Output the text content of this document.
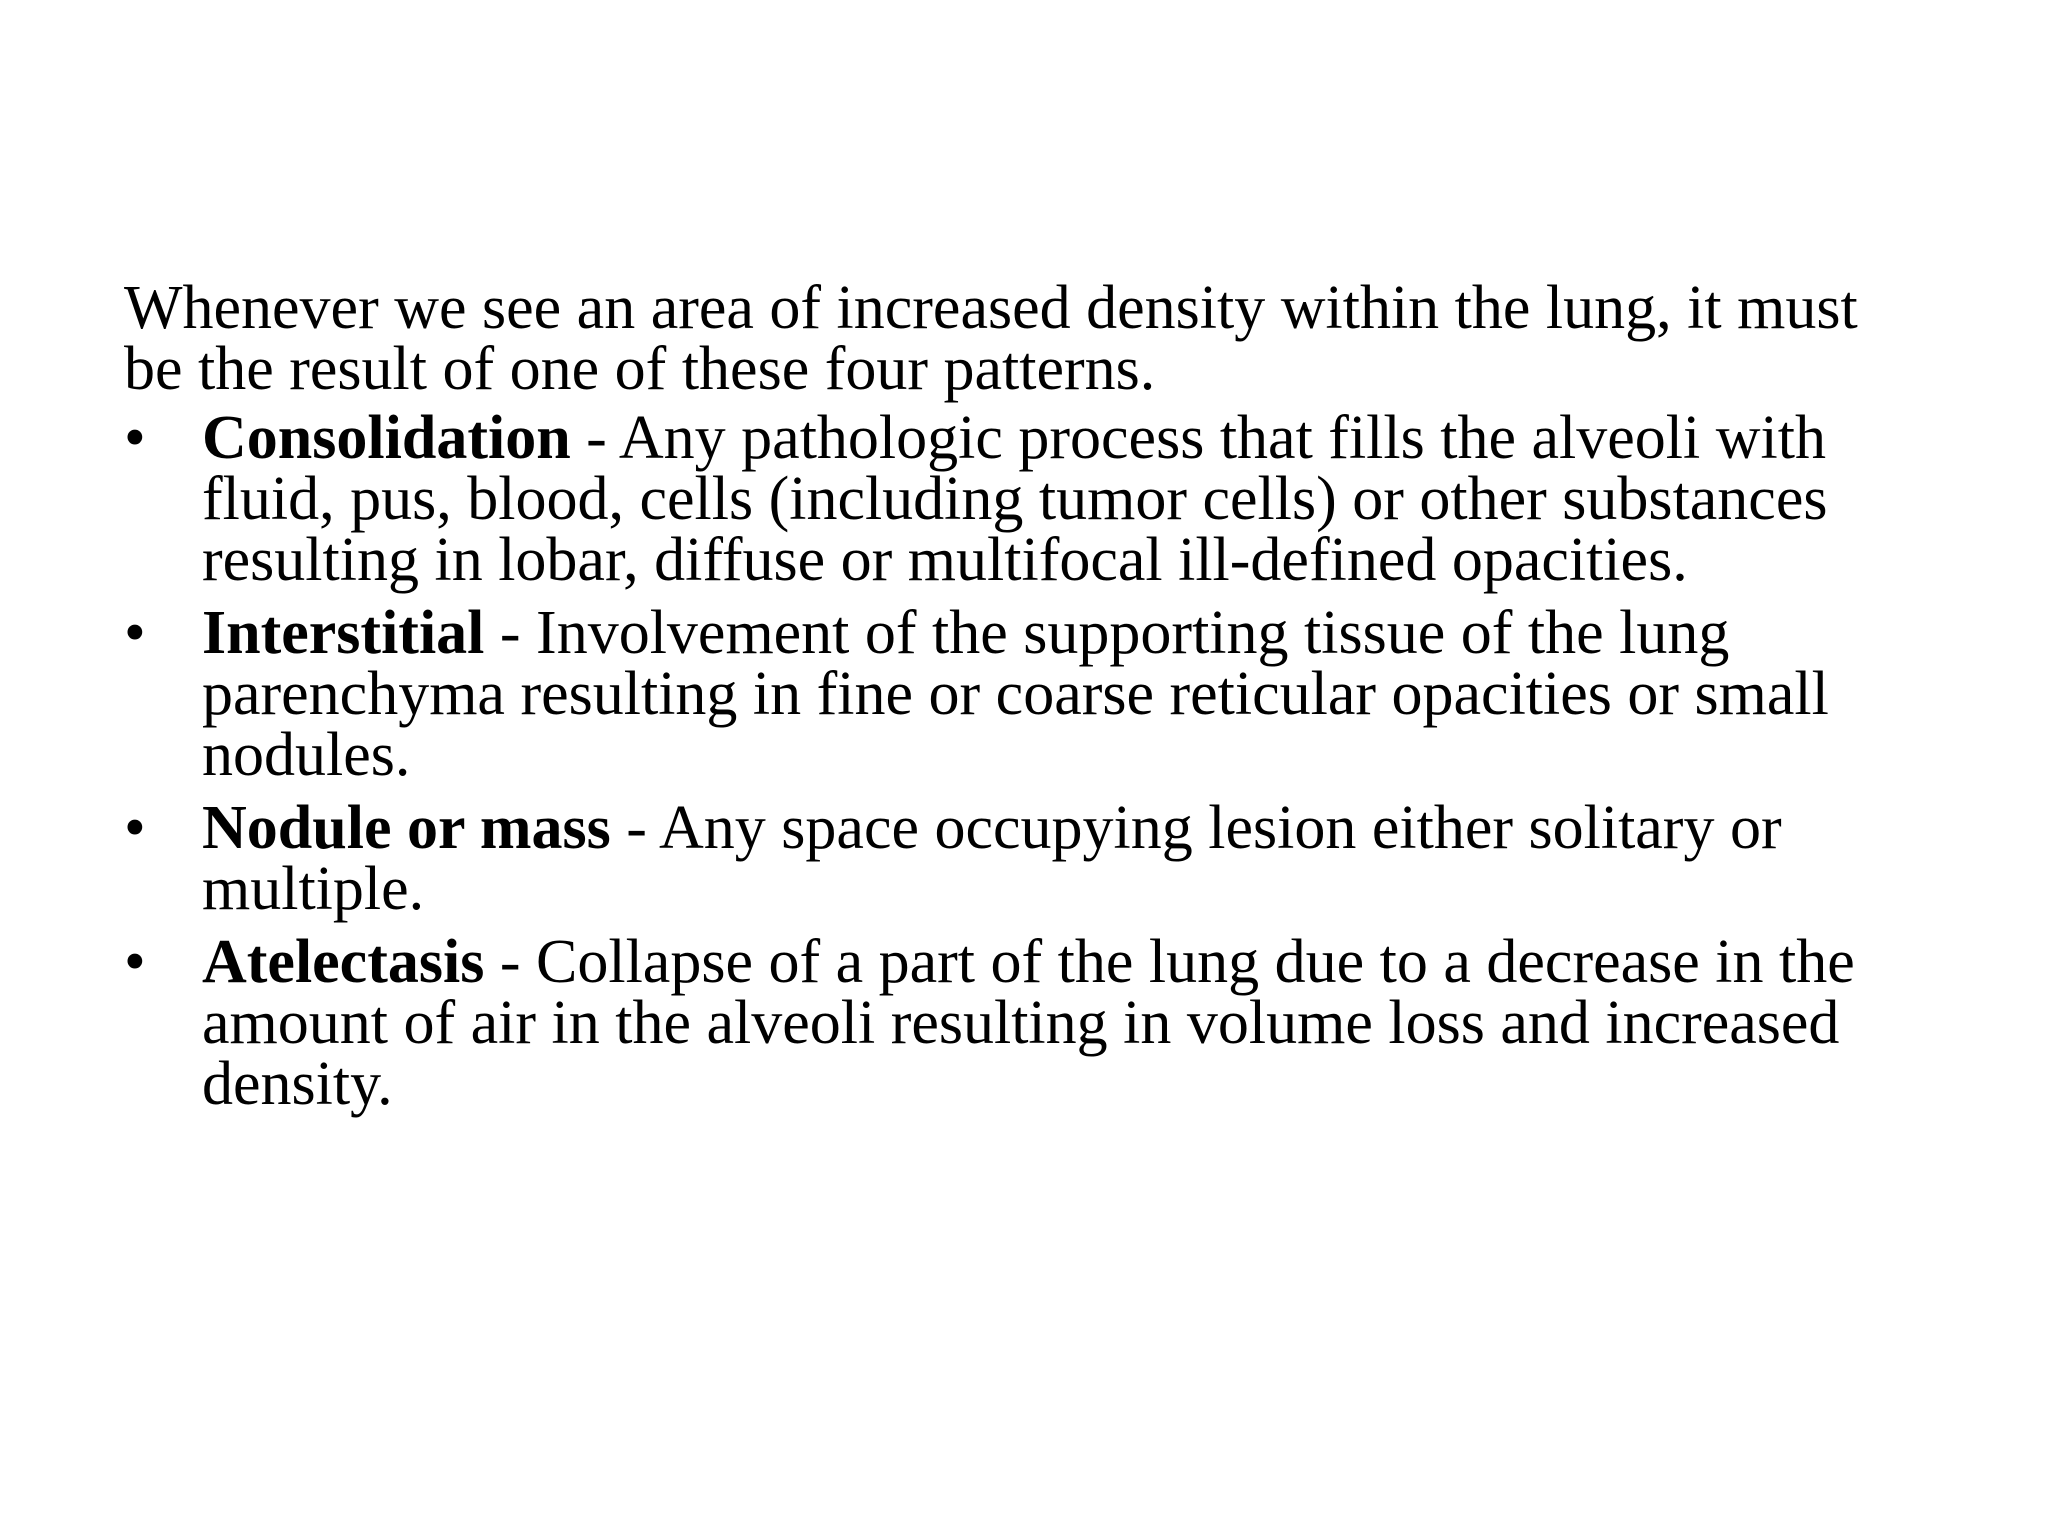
Whenever we see an area of increased density within the lung, it must be the result of one of these four patterns.

• Consolidation - Any pathologic process that fills the alveoli with fluid, pus, blood, cells (including tumor cells) or other substances resulting in lobar, diffuse or multifocal ill-defined opacities.
• Interstitial - Involvement of the supporting tissue of the lung parenchyma resulting in fine or coarse reticular opacities or small nodules.
• Nodule or mass - Any space occupying lesion either solitary or multiple.
• Atelectasis - Collapse of a part of the lung due to a decrease in the amount of air in the alveoli resulting in volume loss and increased density.
